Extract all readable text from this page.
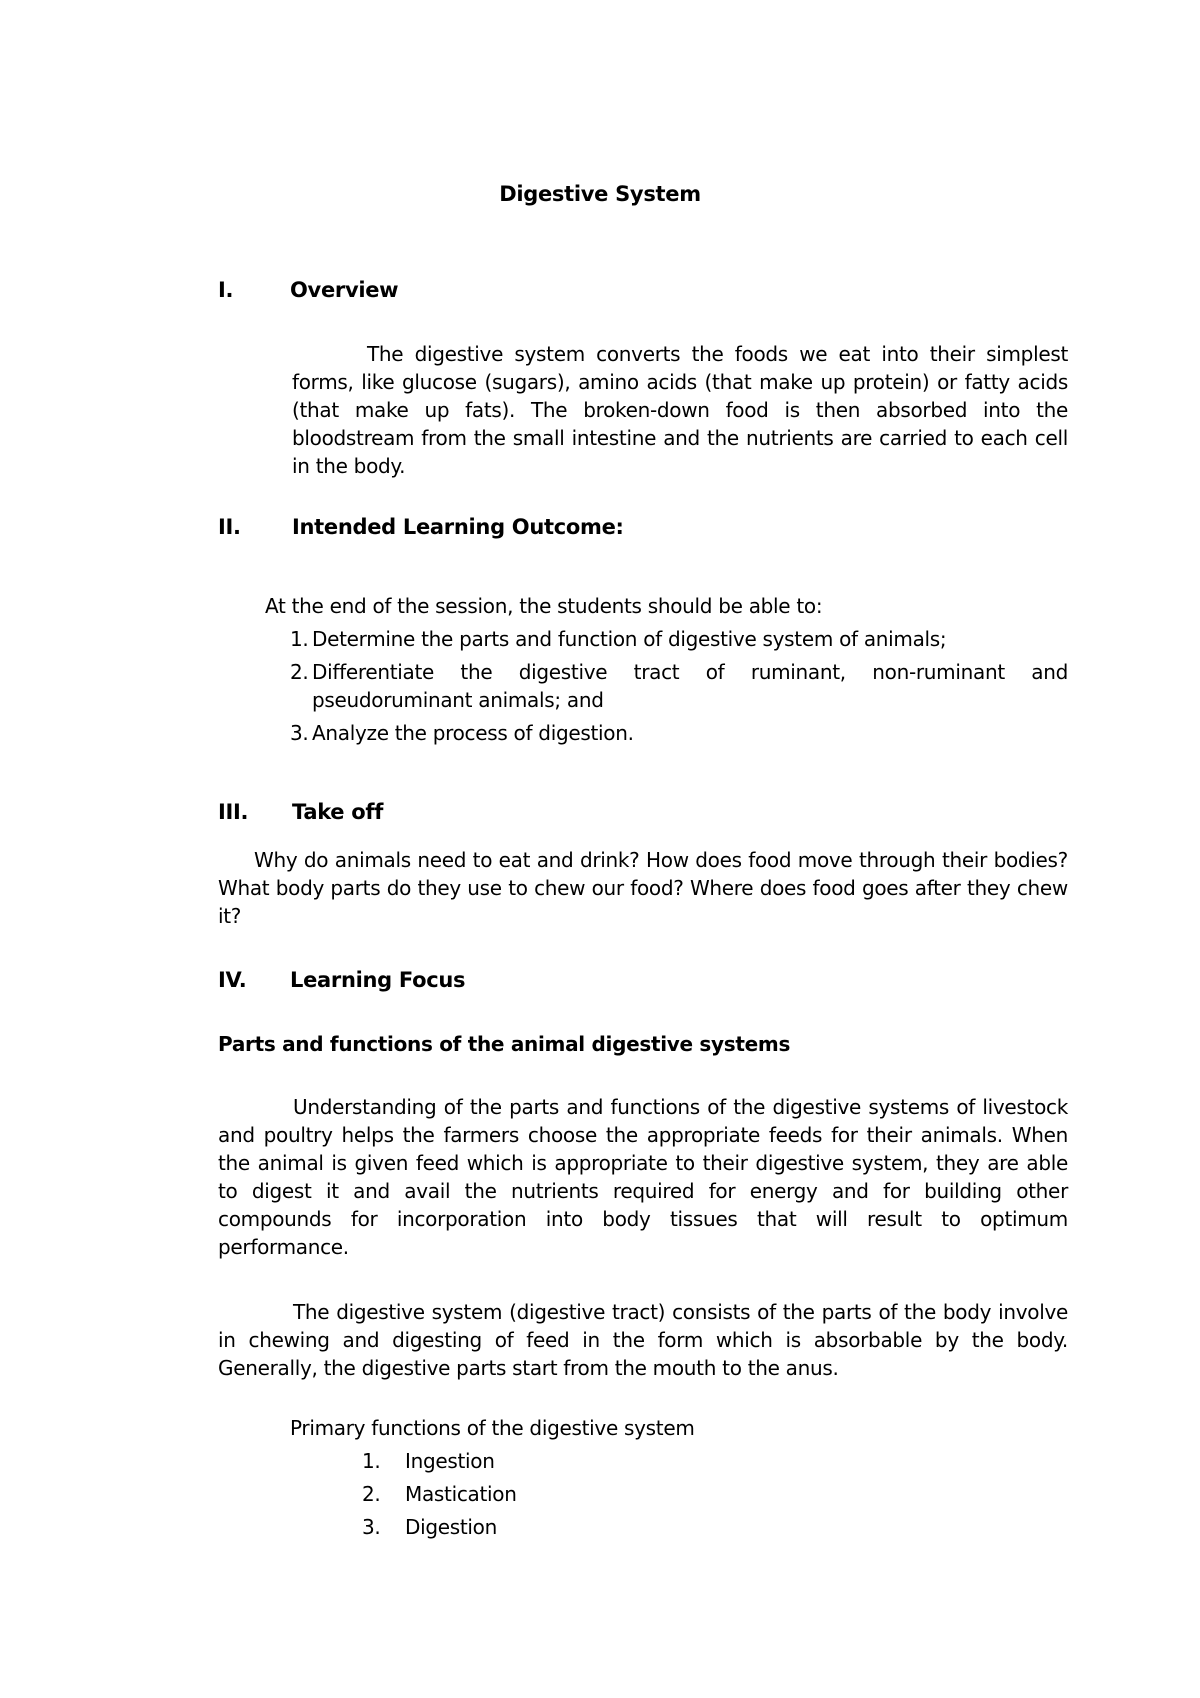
Digestive System
I.	Overview
The digestive system converts the foods we eat into their simplest forms, like glucose (sugars), amino acids (that make up protein) or fatty acids (that make up fats). The broken-down food is then absorbed into the bloodstream from the small intestine and the nutrients are carried to each cell in the body.
II. Intended Learning Outcome:
At the end of the session, the students should be able to:
1. Determine the parts and function of digestive system of animals;
2. Differentiate the digestive tract of ruminant, non-ruminant and pseudoruminant animals; and
3. Analyze the process of digestion.
III. Take off
Why do animals need to eat and drink? How does food move through their bodies? What body parts do they use to chew our food? Where does food goes after they chew it?
IV. Learning Focus
Parts and functions of the animal digestive systems
Understanding of the parts and functions of the digestive systems of livestock and poultry helps the farmers choose the appropriate feeds for their animals. When the animal is given feed which is appropriate to their digestive system, they are able to digest it and avail the nutrients required for energy and for building other compounds for incorporation into body tissues that will result to optimum performance.
The digestive system (digestive tract) consists of the parts of the body involve in chewing and digesting of feed in the form which is absorbable by the body. Generally, the digestive parts start from the mouth to the anus.
Primary functions of the digestive system
1.	Ingestion
2.	Mastication
3.	Digestion
